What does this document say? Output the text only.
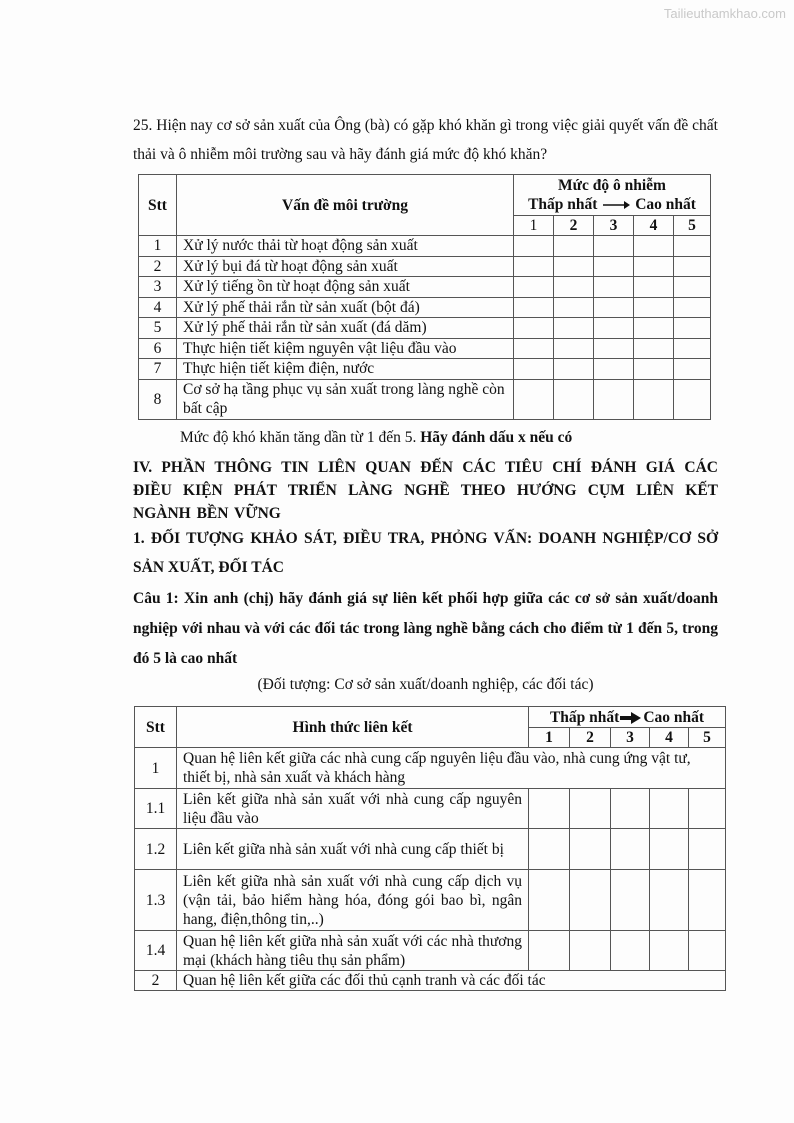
Tailieuthamkhao.com
25. Hiện nay cơ sở sản xuất của Ông (bà) có gặp khó khăn gì trong việc giải quyết vấn đề chất thải và ô nhiễm môi trường sau và hãy đánh giá mức độ khó khăn?
Stt	Vấn đề môi trường	Mức độ ô nhiễm
Thấp nhất Cao nhất				

		1	2	3	4	5
1	Xử lý nước thải từ hoạt động sản xuất					
2	Xử lý bụi đá từ hoạt động sản xuất					
3	Xử lý tiếng ồn từ hoạt động sản xuất					
4	Xử lý phế thải rắn từ sản xuất (bột đá)					
5	Xử lý phế thải rắn từ sản xuất (đá dăm)					
6	Thực hiện tiết kiệm nguyên vật liệu đầu vào					
7	Thực hiện tiết kiệm điện, nước					
8	Cơ sở hạ tầng phục vụ sản xuất trong làng nghề còn bất cập					
Mức độ khó khăn tăng dần từ 1 đến 5. Hãy đánh dấu x nếu có
IV. PHẦN THÔNG TIN LIÊN QUAN ĐẾN CÁC TIÊU CHÍ ĐÁNH GIÁ CÁC ĐIỀU KIỆN PHÁT TRIỂN LÀNG NGHỀ THEO HƯỚNG CỤM LIÊN KẾT NGÀNH BỀN VỮNG
1. ĐỐI TƯỢNG KHẢO SÁT, ĐIỀU TRA, PHỎNG VẤN: DOANH NGHIỆP/CƠ SỞ SẢN XUẤT, ĐỐI TÁC
Câu 1: Xin anh (chị) hãy đánh giá sự liên kết phối hợp giữa các cơ sở sản xuất/doanh nghiệp với nhau và với các đối tác trong làng nghề bằng cách cho điểm từ 1 đến 5, trong đó 5 là cao nhất
(Đối tượng: Cơ sở sản xuất/doanh nghiệp, các đối tác)
Stt	Hình thức liên kết	Thấp nhất Cao nhất				
		1	2	3	4	5
1	Quan hệ liên kết giữa các nhà cung cấp nguyên liệu đầu vào, nhà cung ứng vật tư, thiết bị, nhà sản xuất và khách hàng					
1.1	Liên kết giữa nhà sản xuất với nhà cung cấp nguyên liệu đầu vào					
1.2	Liên kết giữa nhà sản xuất với nhà cung cấp thiết bị					
1.3	Liên kết giữa nhà sản xuất với nhà cung cấp dịch vụ (vận tải, bảo hiểm hàng hóa, đóng gói bao bì, ngân hang, điện,thông tin,..)					
1.4	Quan hệ liên kết giữa nhà sản xuất với các nhà thương mại (khách hàng tiêu thụ sản phẩm)					
2	Quan hệ liên kết giữa các đối thủ cạnh tranh và các đối tác					
